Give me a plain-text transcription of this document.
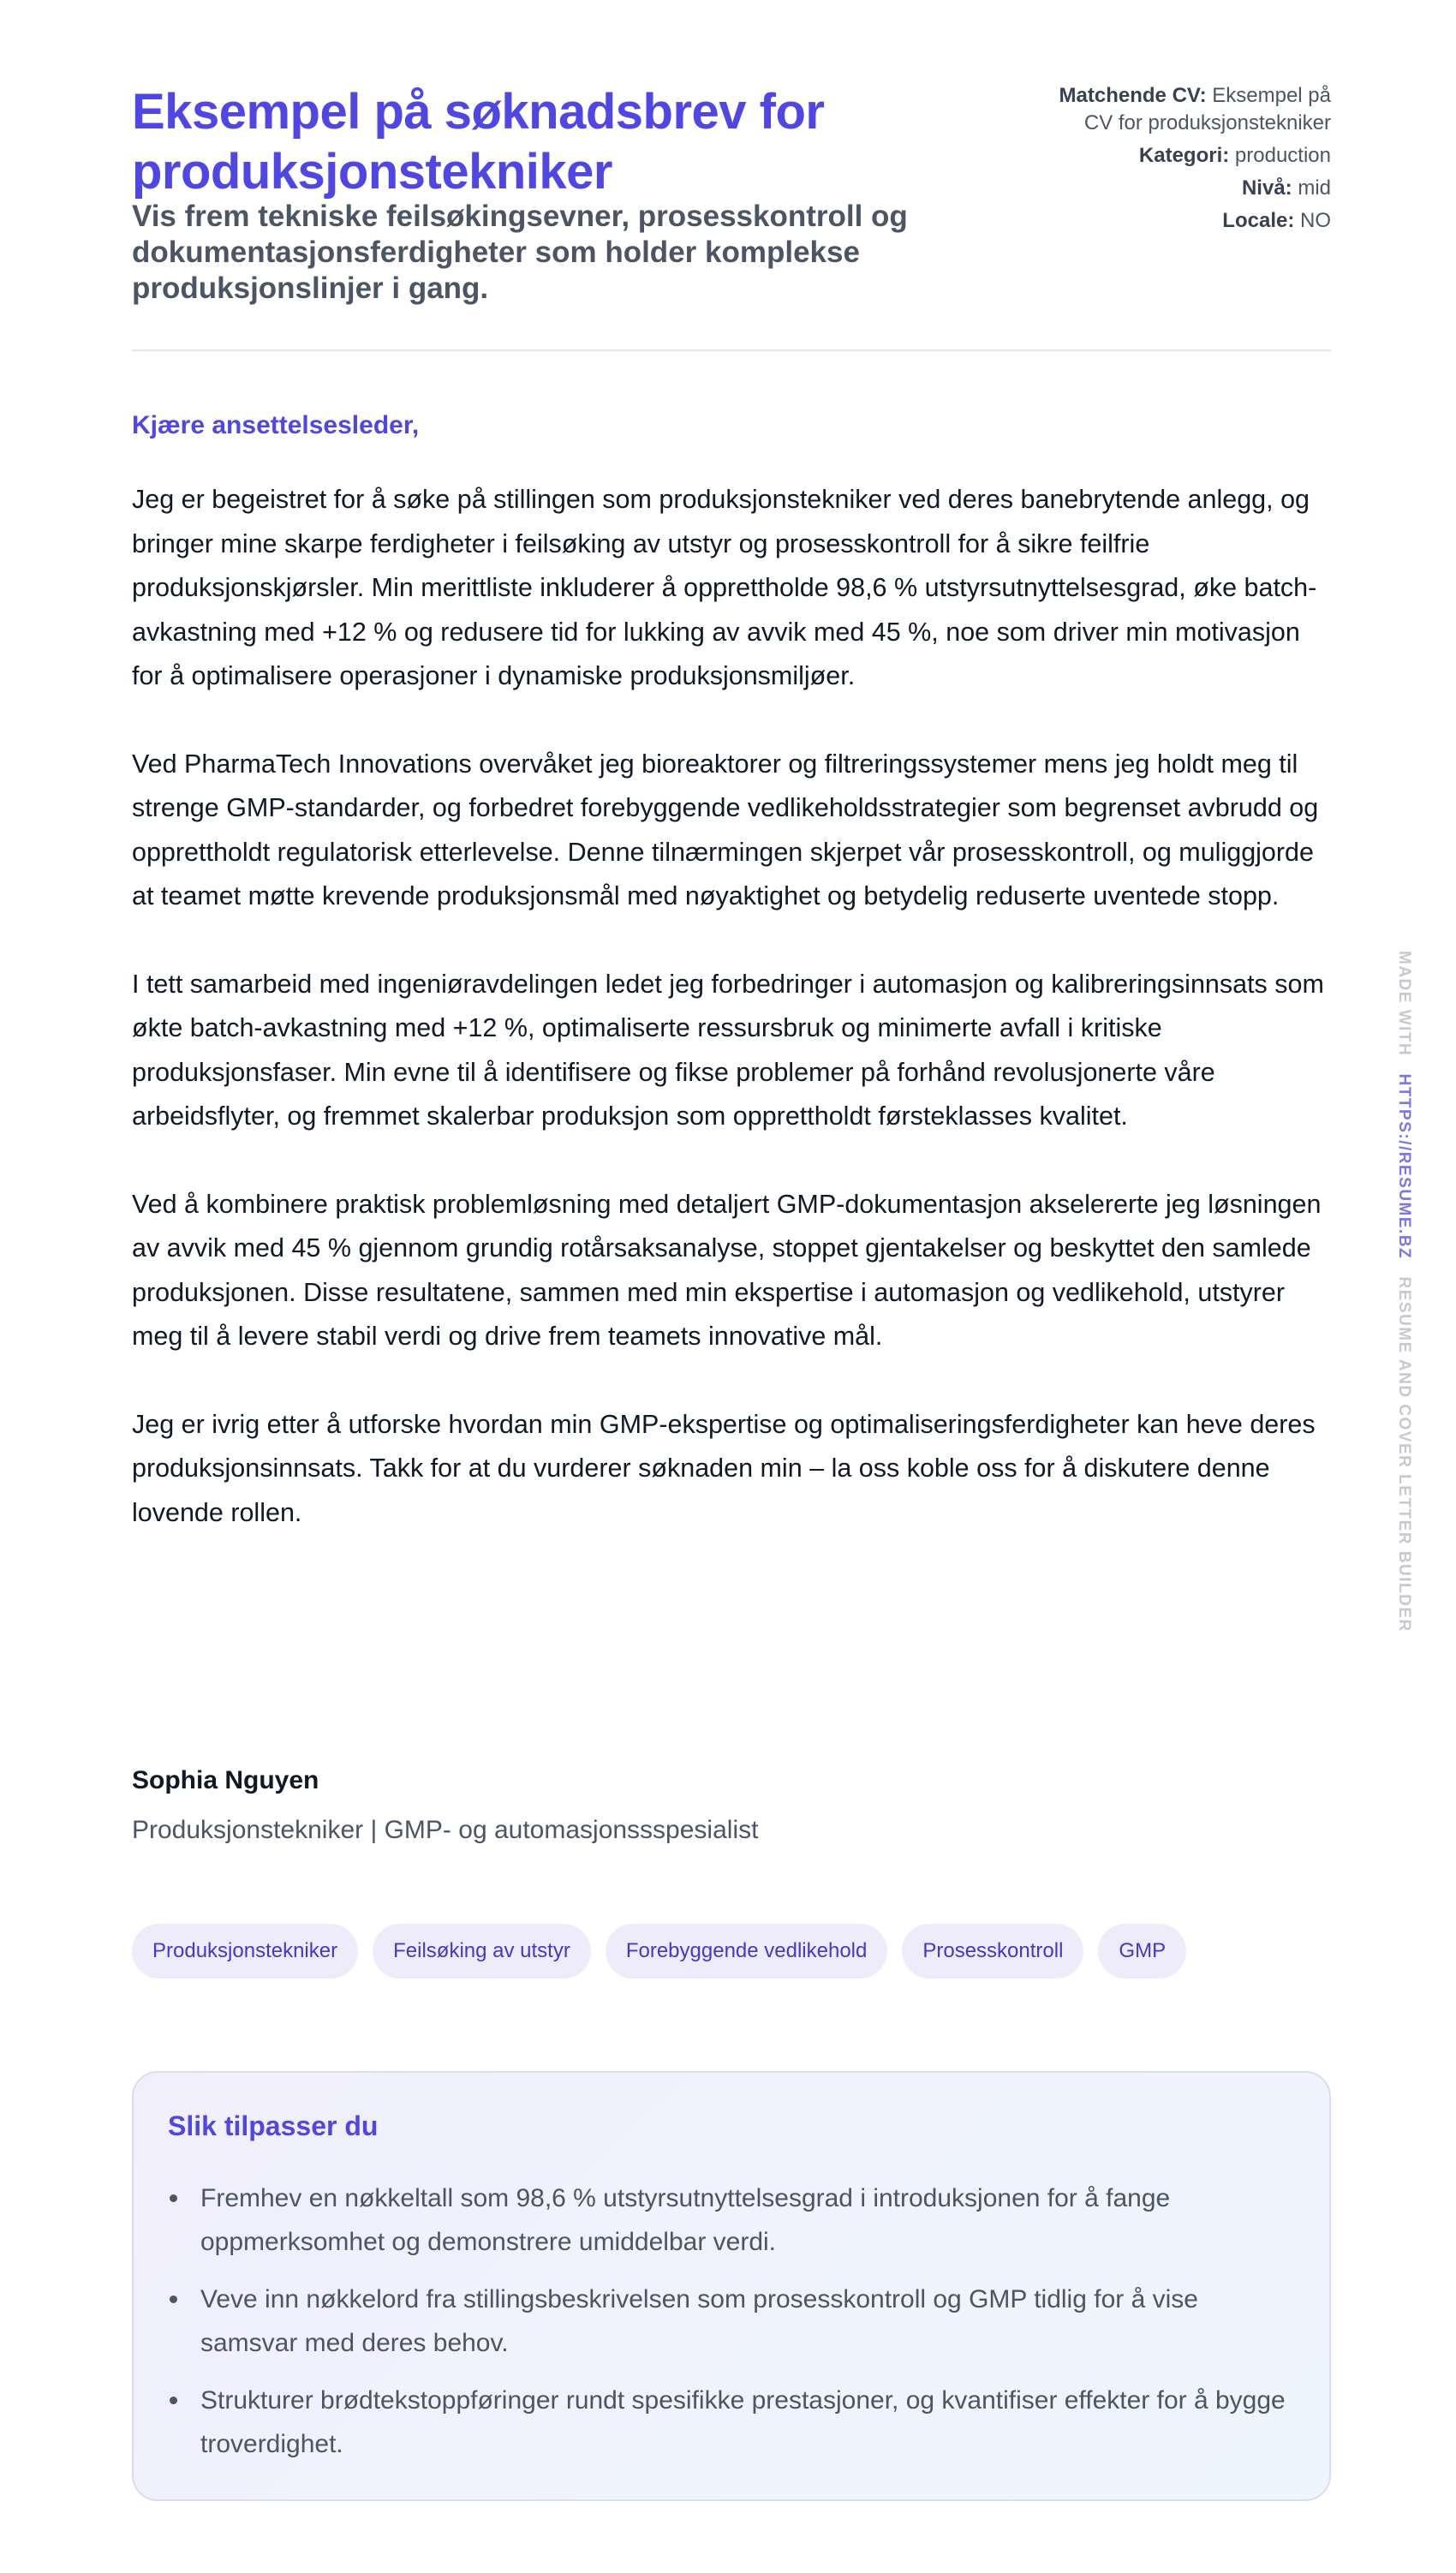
Eksempel på søknadsbrev for produksjonstekniker
Vis frem tekniske feilsøkingsevner, prosesskontroll og dokumentasjonsferdigheter som holder komplekse produksjonslinjer i gang.
Matchende CV: Eksempel på CV for produksjonstekniker
Kategori: production
Nivå: mid
Locale: NO
Kjære ansettelsesleder,

Jeg er begeistret for å søke på stillingen som produksjonstekniker ved deres banebrytende anlegg, og bringer mine skarpe ferdigheter i feilsøking av utstyr og prosesskontroll for å sikre feilfrie produksjonskjørsler. Min merittliste inkluderer å opprettholde 98,6 % utstyrsutnyttelsesgrad, øke batch-avkastning med +12 % og redusere tid for lukking av avvik med 45 %, noe som driver min motivasjon for å optimalisere operasjoner i dynamiske produksjonsmiljøer.

Ved PharmaTech Innovations overvåket jeg bioreaktorer og filtreringssystemer mens jeg holdt meg til strenge GMP-standarder, og forbedret forebyggende vedlikeholdsstrategier som begrenset avbrudd og opprettholdt regulatorisk etterlevelse. Denne tilnærmingen skjerpet vår prosesskontroll, og muliggjorde at teamet møtte krevende produksjonsmål med nøyaktighet og betydelig reduserte uventede stopp.

I tett samarbeid med ingeniøravdelingen ledet jeg forbedringer i automasjon og kalibreringsinnsats som økte batch-avkastning med +12 %, optimaliserte ressursbruk og minimerte avfall i kritiske produksjonsfaser. Min evne til å identifisere og fikse problemer på forhånd revolusjonerte våre arbeidsflyter, og fremmet skalerbar produksjon som opprettholdt førsteklasses kvalitet.

Ved å kombinere praktisk problemløsning med detaljert GMP-dokumentasjon akselererte jeg løsningen av avvik med 45 % gjennom grundig rotårsaksanalyse, stoppet gjentakelser og beskyttet den samlede produksjonen. Disse resultatene, sammen med min ekspertise i automasjon og vedlikehold, utstyrer meg til å levere stabil verdi og drive frem teamets innovative mål.

Jeg er ivrig etter å utforske hvordan min GMP-ekspertise og optimaliseringsferdigheter kan heve deres produksjonsinnsats. Takk for at du vurderer søknaden min – la oss koble oss for å diskutere denne lovende rollen.

Sophia Nguyen
Produksjonstekniker | GMP- og automasjonssspesialist
Produksjonstekniker	Feilsøking av utstyr	Forebyggende vedlikehold	Prosesskontroll	GMP
Slik tilpasser du
Fremhev en nøkkeltall som 98,6 % utstyrsutnyttelsesgrad i introduksjonen for å fange oppmerksomhet og demonstrere umiddelbar verdi.
Veve inn nøkkelord fra stillingsbeskrivelsen som prosesskontroll og GMP tidlig for å vise samsvar med deres behov.
Strukturer brødtekstoppføringer rundt spesifikke prestasjoner, og kvantifiser effekter for å bygge troverdighet.
MADE WITH   HTTPS://RESUME.BZ   RESUME AND COVER LETTER BUILDER
